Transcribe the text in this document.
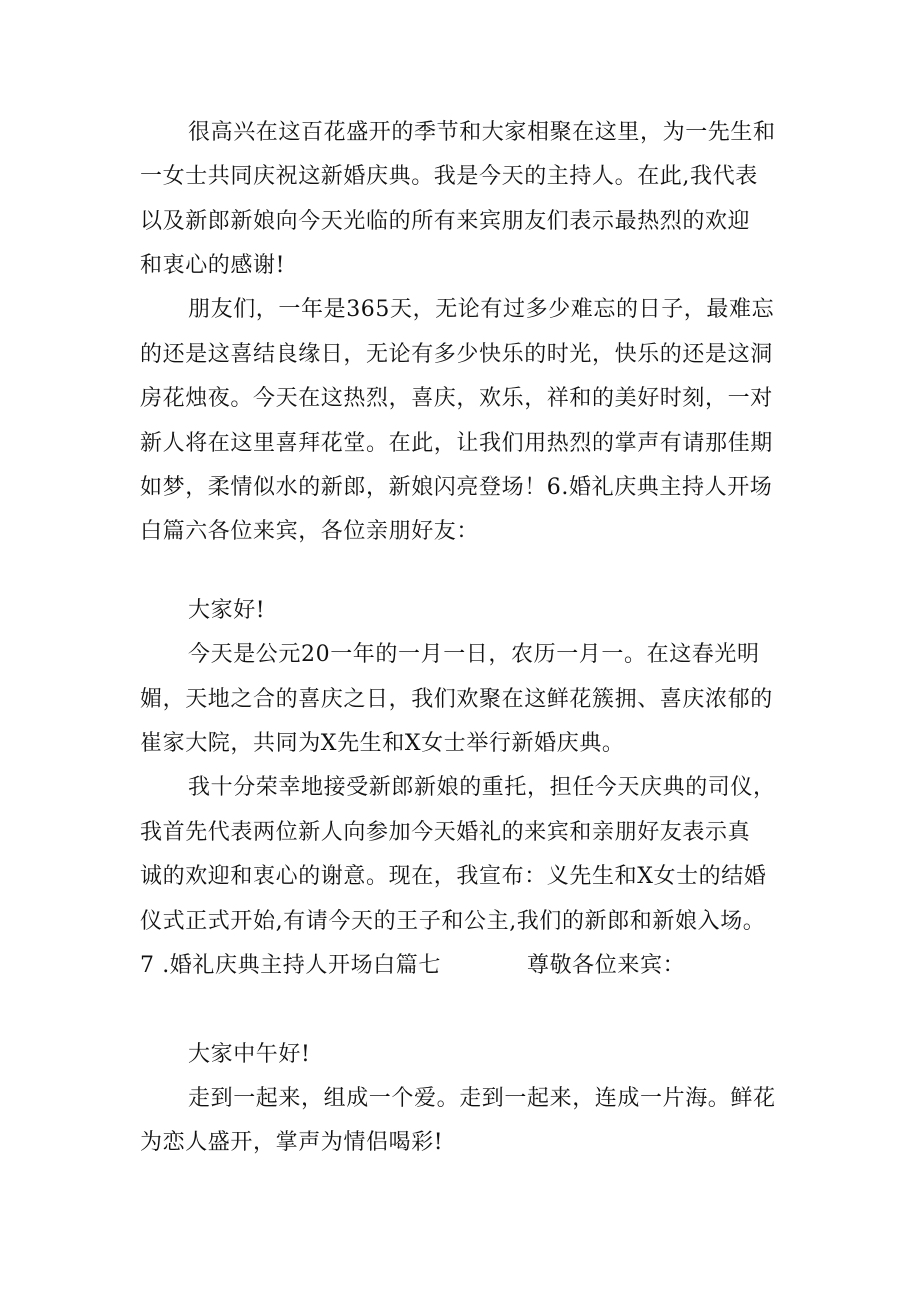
很高兴在这百花盛开的季节和大家相聚在这里，为一先生和
一女士共同庆祝这新婚庆典。我是今天的主持人。在此,我代表
以及新郎新娘向今天光临的所有来宾朋友们表示最热烈的欢迎
和衷心的感谢!
朋友们，一年是365天，无论有过多少难忘的日子，最难忘
的还是这喜结良缘日，无论有多少快乐的时光，快乐的还是这洞
房花烛夜。今天在这热烈，喜庆，欢乐，祥和的美好时刻，一对
新人将在这里喜拜花堂。在此，让我们用热烈的掌声有请那佳期
如梦，柔情似水的新郎，新娘闪亮登场！6.婚礼庆典主持人开场
白篇六各位来宾，各位亲朋好友：
大家好!
今天是公元20一年的一月一日，农历一月一。在这春光明
媚，天地之合的喜庆之日，我们欢聚在这鲜花簇拥、喜庆浓郁的
崔家大院，共同为X先生和X女士举行新婚庆典。
我十分荣幸地接受新郎新娘的重托，担任今天庆典的司仪，
我首先代表两位新人向参加今天婚礼的来宾和亲朋好友表示真
诚的欢迎和衷心的谢意。现在，我宣布：义先生和X女士的结婚
仪式正式开始,有请今天的王子和公主,我们的新郎和新娘入场。
7 .婚礼庆典主持人开场白篇七	尊敬各位来宾：
大家中午好!
走到一起来，组成一个爱。走到一起来，连成一片海。鲜花
为恋人盛开，掌声为情侣喝彩!
